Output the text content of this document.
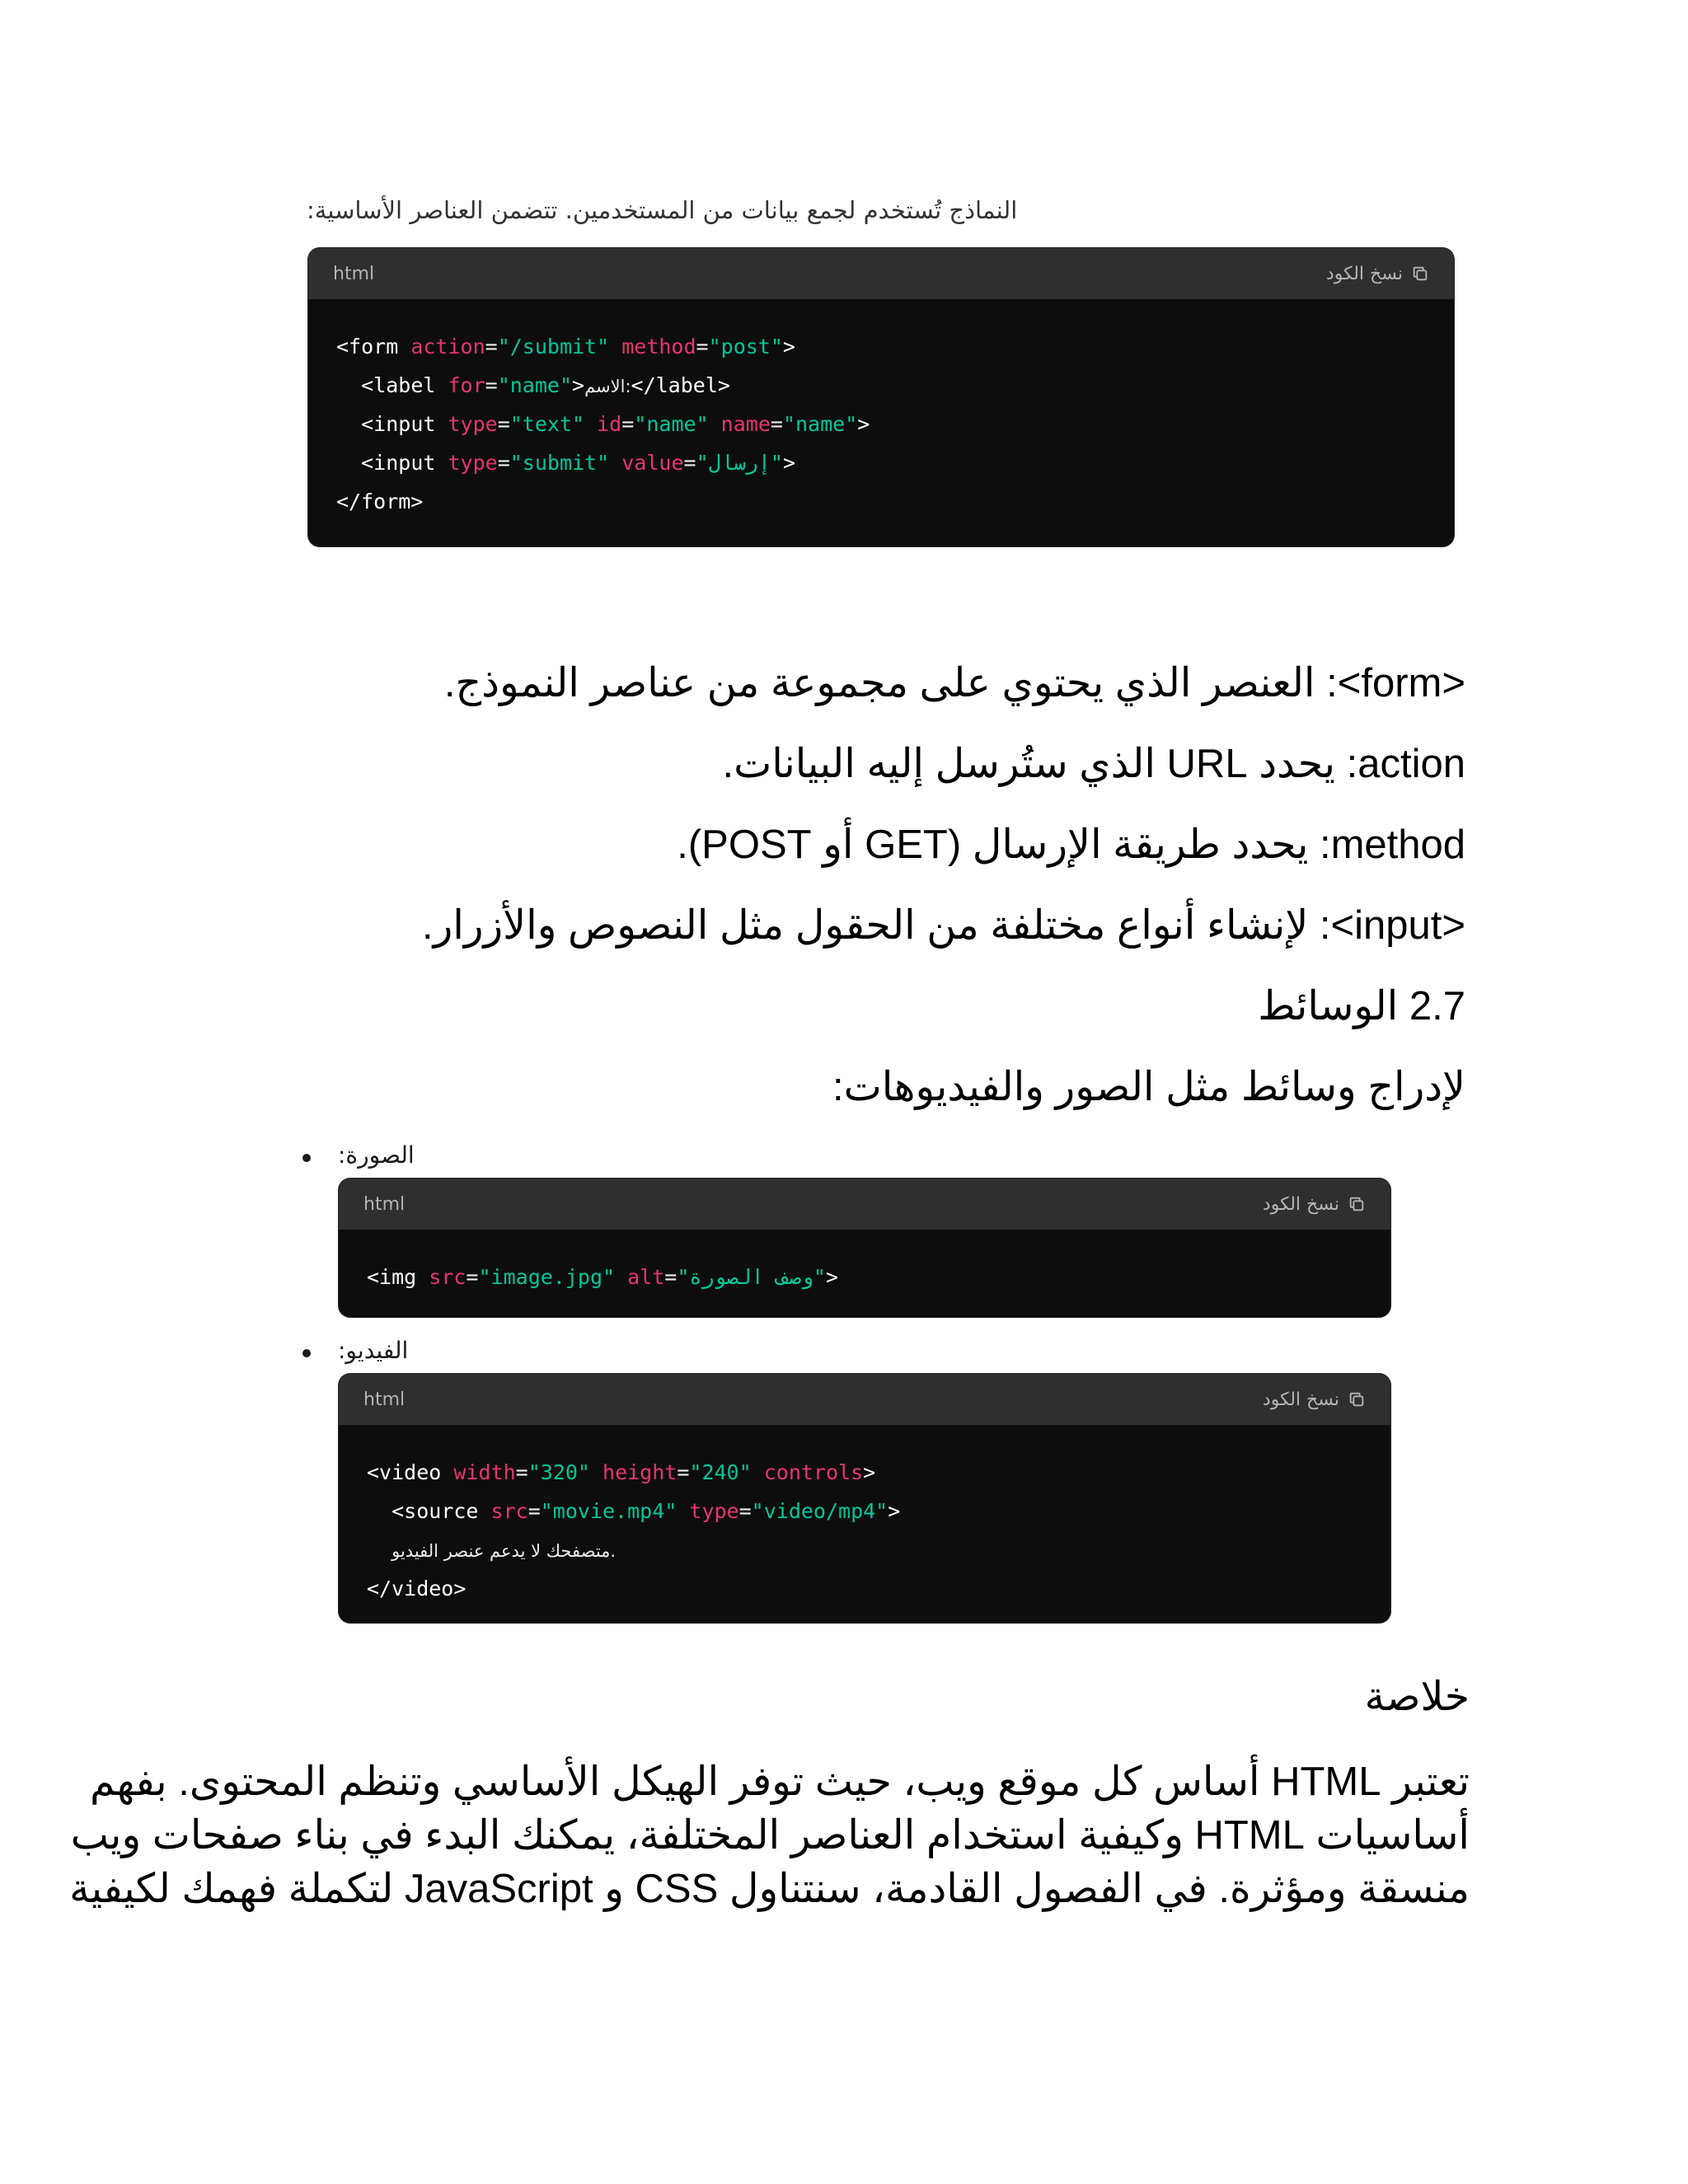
النماذج تُستخدم لجمع بيانات من المستخدمين. تتضمن العناصر الأساسية:
html	نسخ الكود
<form action="/submit" method="post">
<label for="name">الاسم:</label>
<input type="text" id="name" name="name">
<input type="submit" value="إرسال">
</form>
<form>: العنصر الذي يحتوي على مجموعة من عناصر النموذج.
action: يحدد URL الذي ستُرسل إليه البيانات.
method: يحدد طريقة الإرسال (GET أو POST).
<input>: لإنشاء أنواع مختلفة من الحقول مثل النصوص والأزرار.
2.7 الوسائط
لإدراج وسائط مثل الصور والفيديوهات:
الصورة:
html	نسخ الكود
<img src="image.jpg" alt="وصف الصورة">
الفيديو:
html	نسخ الكود
<video width="320" height="240" controls>
<source src="movie.mp4" type="video/mp4">
متصفحك لا يدعم عنصر الفيديو.
</video>
خلاصة

تعتبر HTML أساس كل موقع ويب، حيث توفر الهيكل الأساسي وتنظم المحتوى. بفهم

أساسيات HTML وكيفية استخدام العناصر المختلفة، يمكنك البدء في بناء صفحات ويب

منسقة ومؤثرة. في الفصول القادمة، سنتناول CSS و JavaScript لتكملة فهمك لكيفية
